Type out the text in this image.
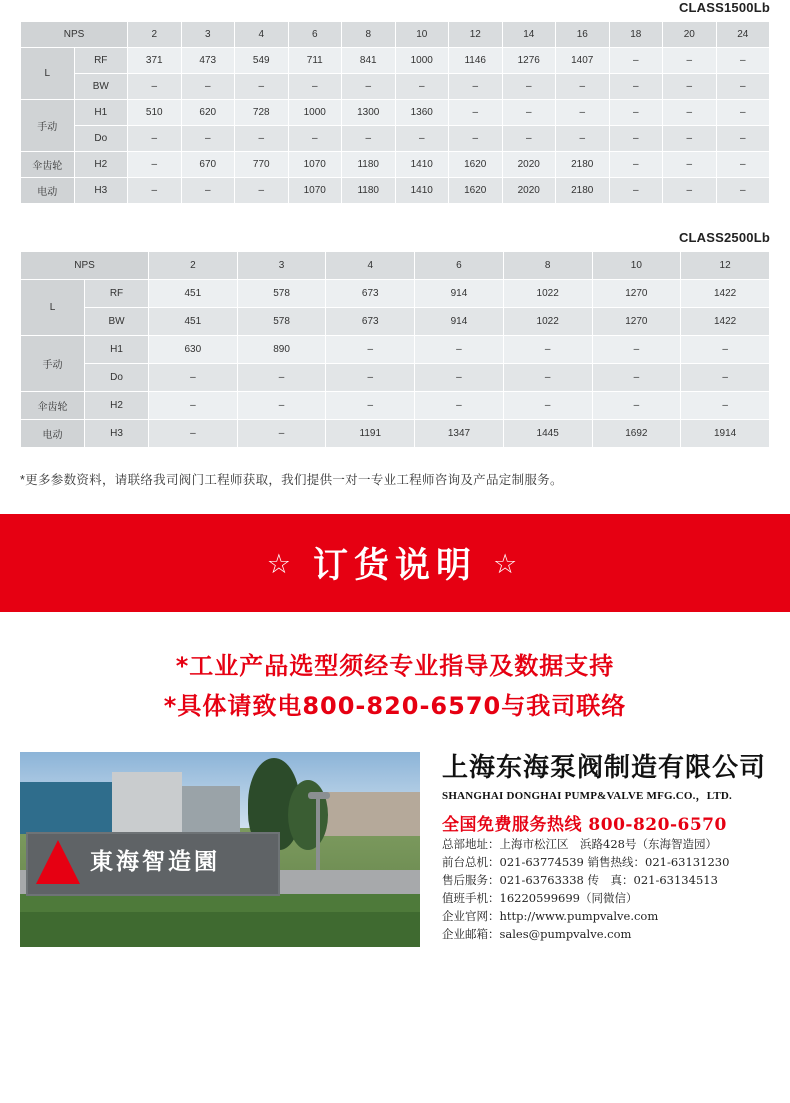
CLASS1500Lb
NPS		2	3	4	6	8	10	12	14	16	18	20	24
L	RF	371	473	549	711	841	1000	1146	1276	1407	–	–	–
	BW	–	–	–	–	–	–	–	–	–	–	–	–
手动	H1	510	620	728	1000	1300	1360	–	–	–	–	–	–
	Do	–	–	–	–	–	–	–	–	–	–	–	–
伞齿轮	H2	–	670	770	1070	1180	1410	1620	2020	2180	–	–	–
电动	H3	–	–	–	1070	1180	1410	1620	2020	2180	–	–	–
CLASS2500Lb
NPS		2	3	4	6	8	10	12
L	RF	451	578	673	914	1022	1270	1422
	BW	451	578	673	914	1022	1270	1422
手动	H1	630	890	–	–	–	–	–
	Do	–	–	–	–	–	–	–
伞齿轮	H2	–	–	–	–	–	–	–
电动	H3	–	–	1191	1347	1445	1692	1914
*更多参数资料，请联络我司阀门工程师获取，我们提供一对一专业工程师咨询及产品定制服务。
☆ 订货说明 ☆
*工业产品选型须经专业指导及数据支持
*具体请致电800-820-6570与我司联络
東海智造園
上海东海泵阀制造有限公司
SHANGHAI DONGHAI PUMP&VALVE MFG.CO.，LTD.
全国免费服务热线 800-820-6570
总部地址：上海市松江区　浜路428号（东海智造园）
前台总机：021-63774539 销售热线：021-63131230
售后服务：021-63763338 传　真：021-63134513
值班手机：16220599699（同微信）
企业官网：http://www.pumpvalve.com
企业邮箱：sales@pumpvalve.com
